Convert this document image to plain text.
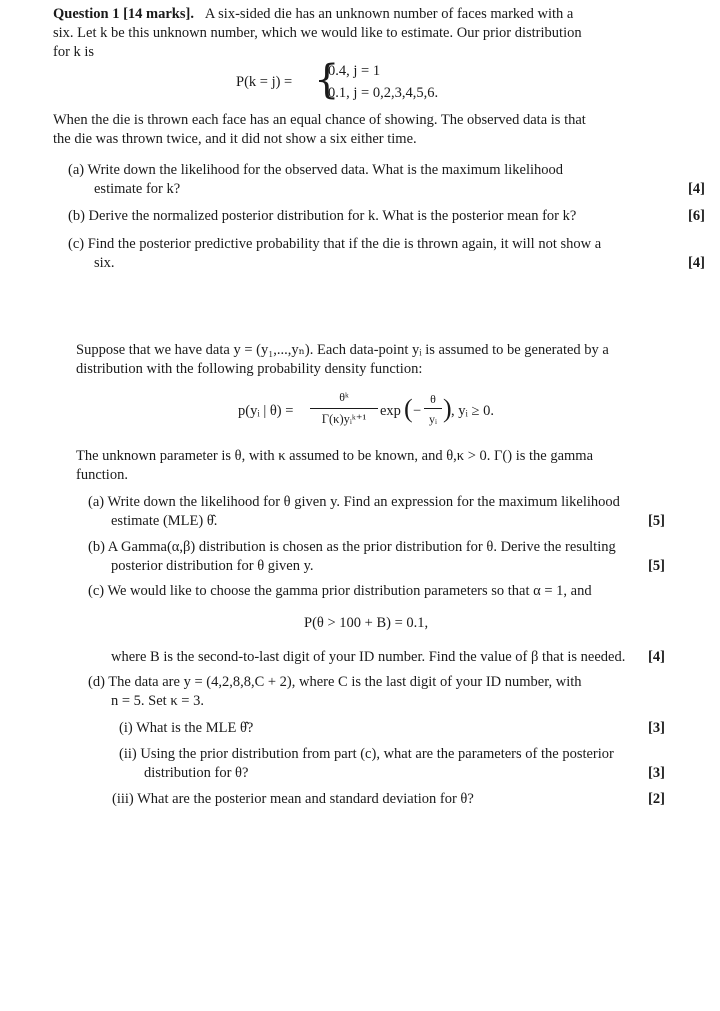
Question 1 [14 marks]. A six-sided die has an unknown number of faces marked with a
six. Let k be this unknown number, which we would like to estimate. Our prior distribution
for k is
P(k = j) = {
0.4, j = 1
0.1, j = 0,2,3,4,5,6.
When the die is thrown each face has an equal chance of showing. The observed data is that
the die was thrown twice, and it did not show a six either time.
(a) Write down the likelihood for the observed data. What is the maximum likelihood
estimate for k?	[4]
(b) Derive the normalized posterior distribution for k. What is the posterior mean for k?	[6]
(c) Find the posterior predictive probability that if the die is thrown again, it will not show a
six.	[4]
Suppose that we have data y = (y₁,...,yₙ). Each data-point yᵢ is assumed to be generated by a
distribution with the following probability density function:
p(yᵢ | θ) =
θᵏ
Γ(κ)yᵢᵏ⁺¹ exp ( −
θ
yᵢ ) , yᵢ ≥ 0.
The unknown parameter is θ, with κ assumed to be known, and θ,κ > 0. Γ() is the gamma
function.
(a) Write down the likelihood for θ given y. Find an expression for the maximum likelihood
estimate (MLE) θ̂.	[5]
(b) A Gamma(α,β) distribution is chosen as the prior distribution for θ. Derive the resulting
posterior distribution for θ given y.	[5]
(c) We would like to choose the gamma prior distribution parameters so that α = 1, and
P(θ > 100 + B) = 0.1,
where B is the second-to-last digit of your ID number. Find the value of β that is needed. [4]
(d) The data are y = (4,2,8,8,C + 2), where C is the last digit of your ID number, with
n = 5. Set κ = 3.
(i) What is the MLE θ̂?	[3]
(ii) Using the prior distribution from part (c), what are the parameters of the posterior
distribution for θ?	[3]
(iii) What are the posterior mean and standard deviation for θ?	[2]
